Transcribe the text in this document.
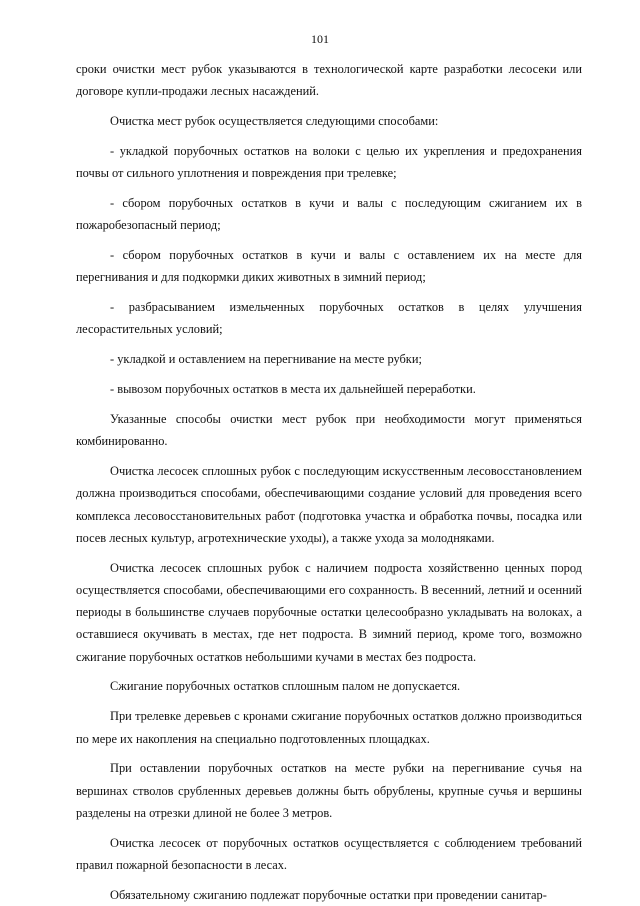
101

сроки очистки мест рубок указываются в технологической карте разработки лесосеки или договоре купли-продажи лесных насаждений.

Очистка мест рубок осуществляется следующими способами:

- укладкой порубочных остатков на волоки с целью их укрепления и предохранения почвы от сильного уплотнения и повреждения при трелевке;

- сбором порубочных остатков в кучи и валы с последующим сжиганием их в пожаробезопасный период;

- сбором порубочных остатков в кучи и валы с оставлением их на месте для перегнивания и для подкормки диких животных в зимний период;

- разбрасыванием измельченных порубочных остатков в целях улучшения лесорастительных условий;

- укладкой и оставлением на перегнивание на месте рубки;

- вывозом порубочных остатков в места их дальнейшей переработки.

Указанные способы очистки мест рубок при необходимости могут применяться комбинированно.

Очистка лесосек сплошных рубок с последующим искусственным лесовосстановлением должна производиться способами, обеспечивающими создание условий для проведения всего комплекса лесовосстановительных работ (подготовка участка и обработка почвы, посадка или посев лесных культур, агротехнические уходы), а также ухода за молодняками.

Очистка лесосек сплошных рубок с наличием подроста хозяйственно ценных пород осуществляется способами, обеспечивающими его сохранность. В весенний, летний и осенний периоды в большинстве случаев порубочные остатки целесообразно укладывать на волоках, а оставшиеся окучивать в местах, где нет подроста. В зимний период, кроме того, возможно сжигание порубочных остатков небольшими кучами в местах без подроста.

Сжигание порубочных остатков сплошным палом не допускается.

При трелевке деревьев с кронами сжигание порубочных остатков должно производиться по мере их накопления на специально подготовленных площадках.

При оставлении порубочных остатков на месте рубки на перегнивание сучья на вершинах стволов срубленных деревьев должны быть обрублены, крупные сучья и вершины разделены на отрезки длиной не более 3 метров.

Очистка лесосек от порубочных остатков осуществляется с соблюдением требований правил пожарной безопасности в лесах.

Обязательному сжиганию подлежат порубочные остатки при проведении санитар-
